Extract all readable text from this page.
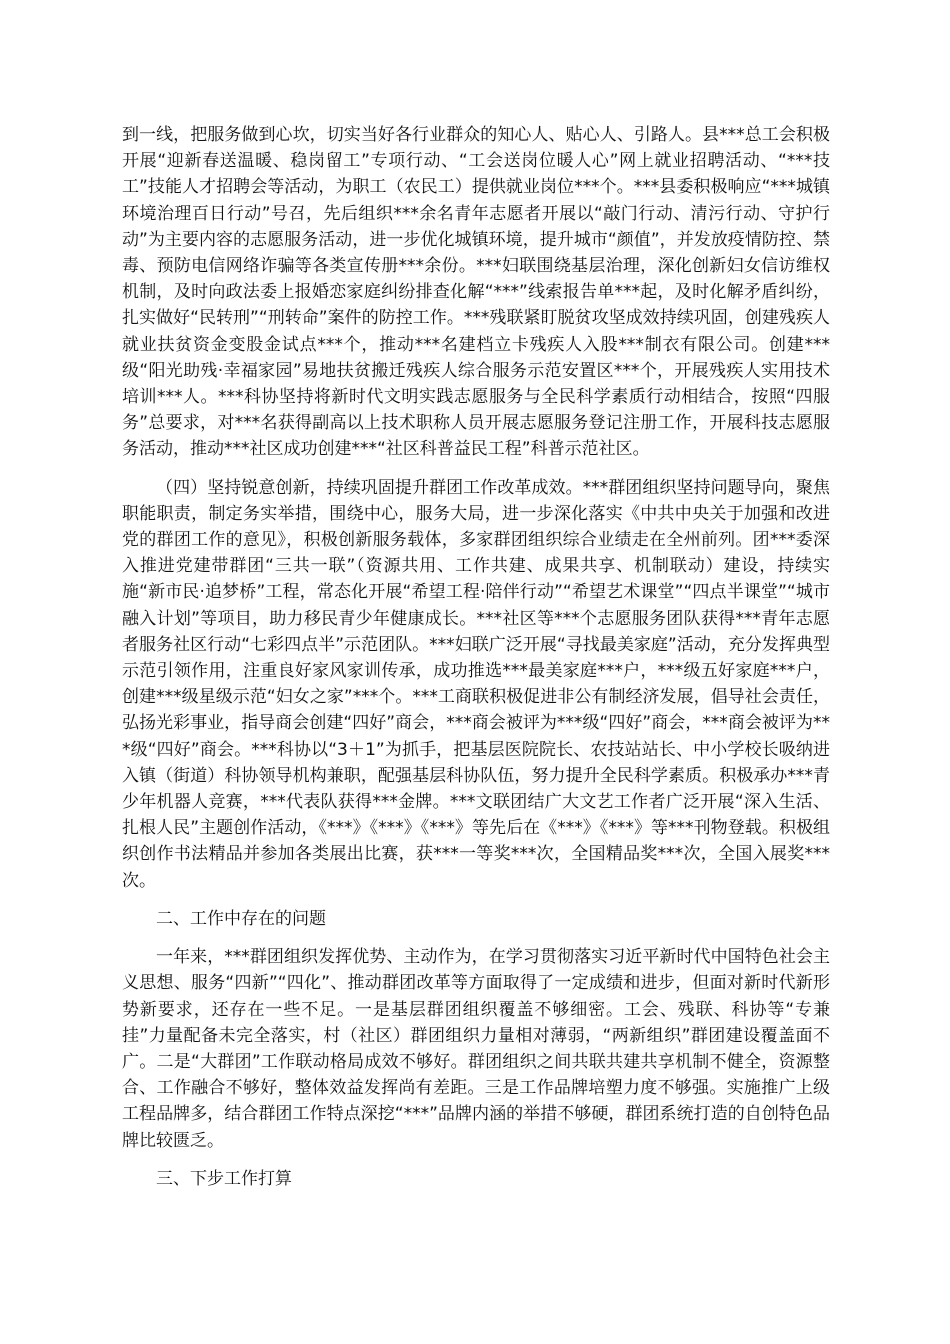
到一线，把服务做到心坎，切实当好各行业群众的知心人、贴心人、引路人。县***总工会积极开展“迎新春送温暖、稳岗留工”专项行动、“工会送岗位暖人心”网上就业招聘活动、“***技工”技能人才招聘会等活动，为职工（农民工）提供就业岗位***个。***县委积极响应“***城镇环境治理百日行动”号召，先后组织***余名青年志愿者开展以“敲门行动、清污行动、守护行动”为主要内容的志愿服务活动，进一步优化城镇环境，提升城市“颜值”，并发放疫情防控、禁毒、预防电信网络诈骗等各类宣传册***余份。***妇联围绕基层治理，深化创新妇女信访维权机制，及时向政法委上报婚恋家庭纠纷排查化解“***”线索报告单***起，及时化解矛盾纠纷，扎实做好“民转刑”“刑转命”案件的防控工作。***残联紧盯脱贫攻坚成效持续巩固，创建残疾人就业扶贫资金变股金试点***个，推动***名建档立卡残疾人入股***制衣有限公司。创建***级“阳光助残·幸福家园”易地扶贫搬迁残疾人综合服务示范安置区***个，开展残疾人实用技术培训***人。***科协坚持将新时代文明实践志愿服务与全民科学素质行动相结合，按照“四服务”总要求，对***名获得副高以上技术职称人员开展志愿服务登记注册工作，开展科技志愿服务活动，推动***社区成功创建***“社区科普益民工程”科普示范社区。

（四）坚持锐意创新，持续巩固提升群团工作改革成效。***群团组织坚持问题导向，聚焦职能职责，制定务实举措，围绕中心，服务大局，进一步深化落实《中共中央关于加强和改进党的群团工作的意见》，积极创新服务载体，多家群团组织综合业绩走在全州前列。团***委深入推进党建带群团“三共一联”（资源共用、工作共建、成果共享、机制联动）建设，持续实施“新市民·追梦桥”工程，常态化开展“希望工程·陪伴行动”“希望艺术课堂”“四点半课堂”“城市融入计划”等项目，助力移民青少年健康成长。***社区等***个志愿服务团队获得***青年志愿者服务社区行动“七彩四点半”示范团队。***妇联广泛开展“寻找最美家庭”活动，充分发挥典型示范引领作用，注重良好家风家训传承，成功推选***最美家庭***户，***级五好家庭***户，创建***级星级示范“妇女之家”***个。***工商联积极促进非公有制经济发展，倡导社会责任，弘扬光彩事业，指导商会创建“四好”商会，***商会被评为***级“四好”商会，***商会被评为***级“四好”商会。***科协以“3＋1”为抓手，把基层医院院长、农技站站长、中小学校长吸纳进入镇（街道）科协领导机构兼职，配强基层科协队伍，努力提升全民科学素质。积极承办***青少年机器人竞赛，***代表队获得***金牌。***文联团结广大文艺工作者广泛开展“深入生活、扎根人民”主题创作活动，《***》《***》《***》等先后在《***》《***》等***刊物登载。积极组织创作书法精品并参加各类展出比赛，获***一等奖***次，全国精品奖***次，全国入展奖***次。

二、工作中存在的问题

一年来，***群团组织发挥优势、主动作为，在学习贯彻落实习近平新时代中国特色社会主义思想、服务“四新”“四化”、推动群团改革等方面取得了一定成绩和进步，但面对新时代新形势新要求，还存在一些不足。一是基层群团组织覆盖不够细密。工会、残联、科协等“专兼挂”力量配备未完全落实，村（社区）群团组织力量相对薄弱，“两新组织”群团建设覆盖面不广。二是“大群团”工作联动格局成效不够好。群团组织之间共联共建共享机制不健全，资源整合、工作融合不够好，整体效益发挥尚有差距。三是工作品牌培塑力度不够强。实施推广上级工程品牌多，结合群团工作特点深挖“***”品牌内涵的举措不够硬，群团系统打造的自创特色品牌比较匮乏。

三、下步工作打算
